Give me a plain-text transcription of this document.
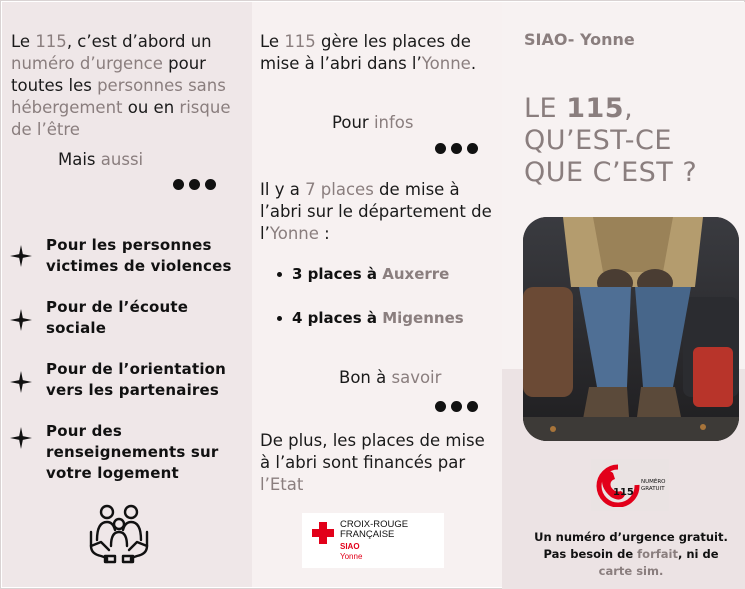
Le 115, c’est d’abord un numéro d’urgence pour toutes les personnes sans hébergement ou en risque de l’être
Mais aussi
Pour les personnes
victimes de violences
Pour de l’écoute
sociale
Pour de l’orientation
vers les partenaires
Pour des
renseignements sur
votre logement
Le 115 gère les places de mise à l’abri dans l’Yonne.
Pour infos
Il y a 7 places de mise à l’abri sur le département de l’Yonne :
3 places à Auxerre
4 places à Migennes
Bon à savoir
De plus, les places de mise à l’abri sont financés par l’Etat
CROIX-ROUGE
FRANÇAISE
SIAO
Yonne
SIAO- Yonne
LE 115,
QU’EST-CE
QUE C’EST ?
115
NUMÉRO
GRATUIT
Un numéro d’urgence gratuit.
Pas besoin de forfait, ni de
carte sim.
